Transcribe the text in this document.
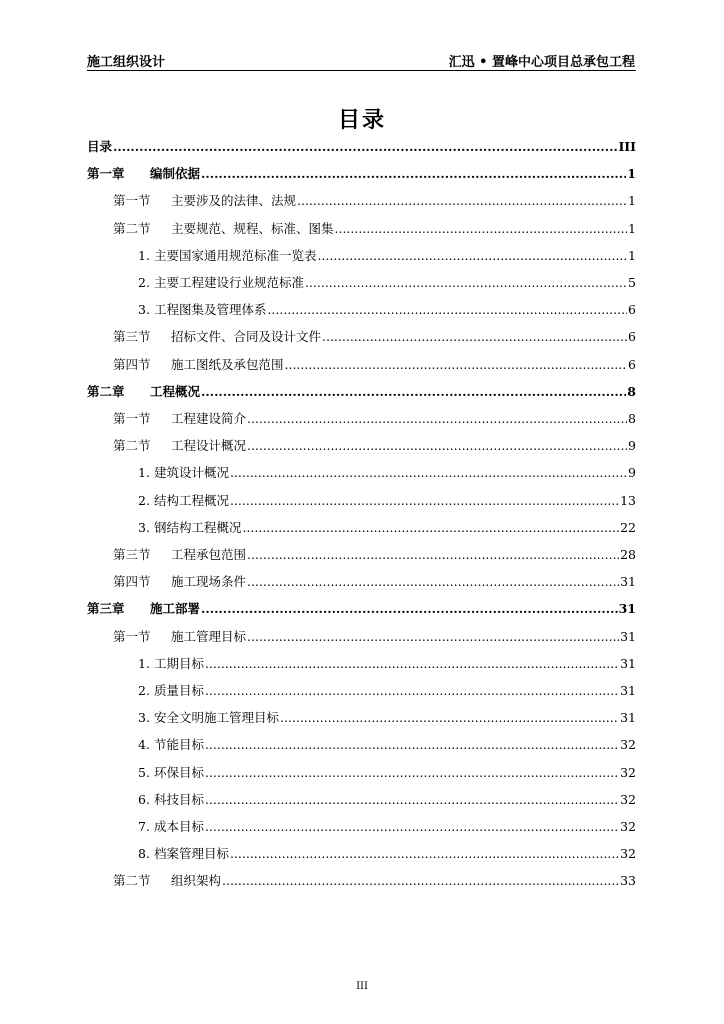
施工组织设计	汇迅 • 置峰中心项目总承包工程
目录
目录 .....	III
第一章	编制依据 .....	1
第一节	主要涉及的法律、法规 .....	1
第二节	主要规范、规程、标准、图集 .....	1
1. 主要国家通用规范标准一览表 .....	1
2. 主要工程建设行业规范标准 .....	5
3. 工程图集及管理体系 .....	6
第三节	招标文件、合同及设计文件 .....	6
第四节	施工图纸及承包范围 .....	6
第二章	工程概况 .....	8
第一节	工程建设简介 .....	8
第二节	工程设计概况 .....	9
1. 建筑设计概况 .....	9
2. 结构工程概况 .....	13
3. 钢结构工程概况 .....	22
第三节	工程承包范围 .....	28
第四节	施工现场条件 .....	31
第三章	施工部署 .....	31
第一节	施工管理目标 .....	31
1. 工期目标 .....	31
2. 质量目标 .....	31
3. 安全文明施工管理目标 .....	31
4. 节能目标 .....	32
5. 环保目标 .....	32
6. 科技目标 .....	32
7. 成本目标 .....	32
8. 档案管理目标 .....	32
第二节	组织架构 .....	33
III
